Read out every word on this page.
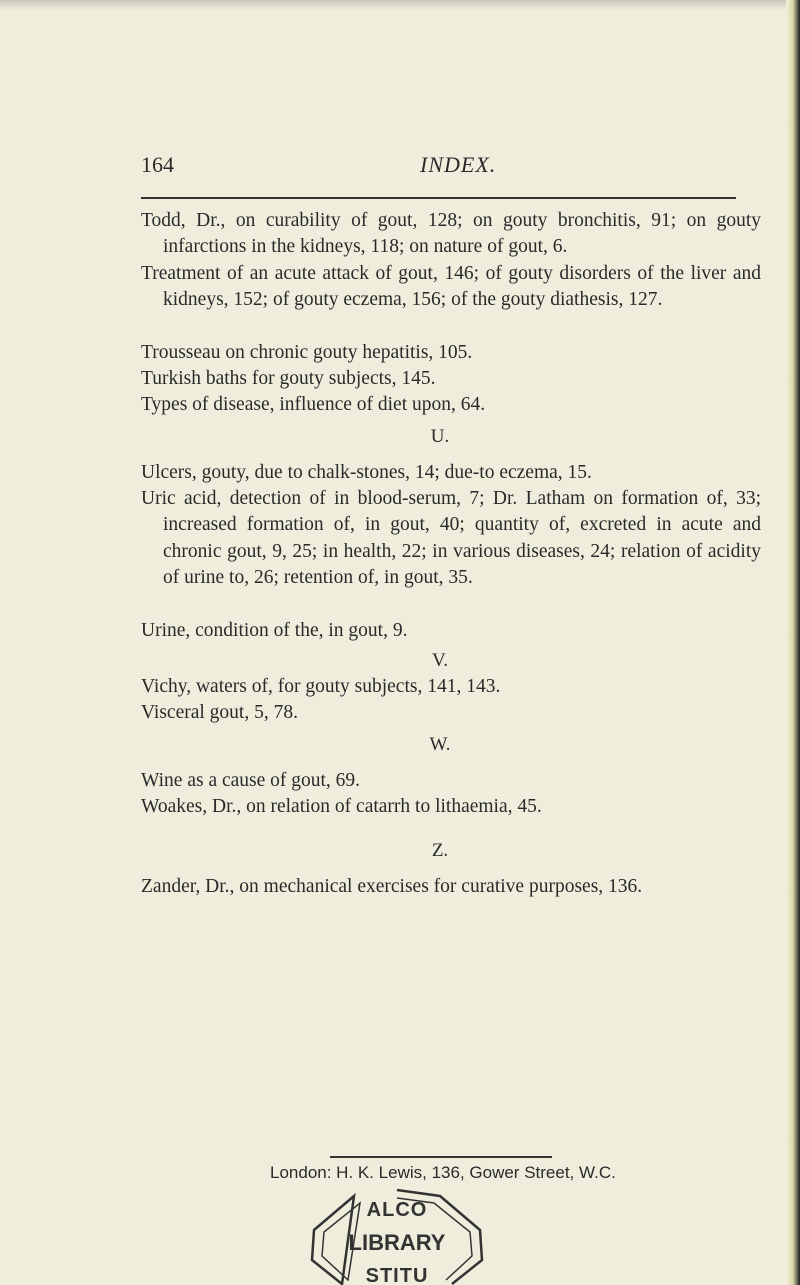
164	INDEX.
Todd, Dr., on curability of gout, 128; on gouty bronchitis, 91; on gouty infarctions in the kidneys, 118; on nature of gout, 6.
Treatment of an acute attack of gout, 146; of gouty disorders of the liver and kidneys, 152; of gouty eczema, 156; of the gouty diathesis, 127.
Trousseau on chronic gouty hepatitis, 105.
Turkish baths for gouty subjects, 145.
Types of disease, influence of diet upon, 64.
U.
Ulcers, gouty, due to chalk-stones, 14; due-to eczema, 15.
Uric acid, detection of in blood-serum, 7; Dr. Latham on formation of, 33; increased formation of, in gout, 40; quantity of, excreted in acute and chronic gout, 9, 25; in health, 22; in various diseases, 24; relation of acidity of urine to, 26; retention of, in gout, 35.
Urine, condition of the, in gout, 9.
V.
Vichy, waters of, for gouty subjects, 141, 143.
Visceral gout, 5, 78.
W.
Wine as a cause of gout, 69.
Woakes, Dr., on relation of catarrh to lithaemia, 45.
Z.
Zander, Dr., on mechanical exercises for curative purposes, 136.
London: H. K. Lewis, 136, Gower Street, W.C.
ALCO
LIBRARY
STITU
